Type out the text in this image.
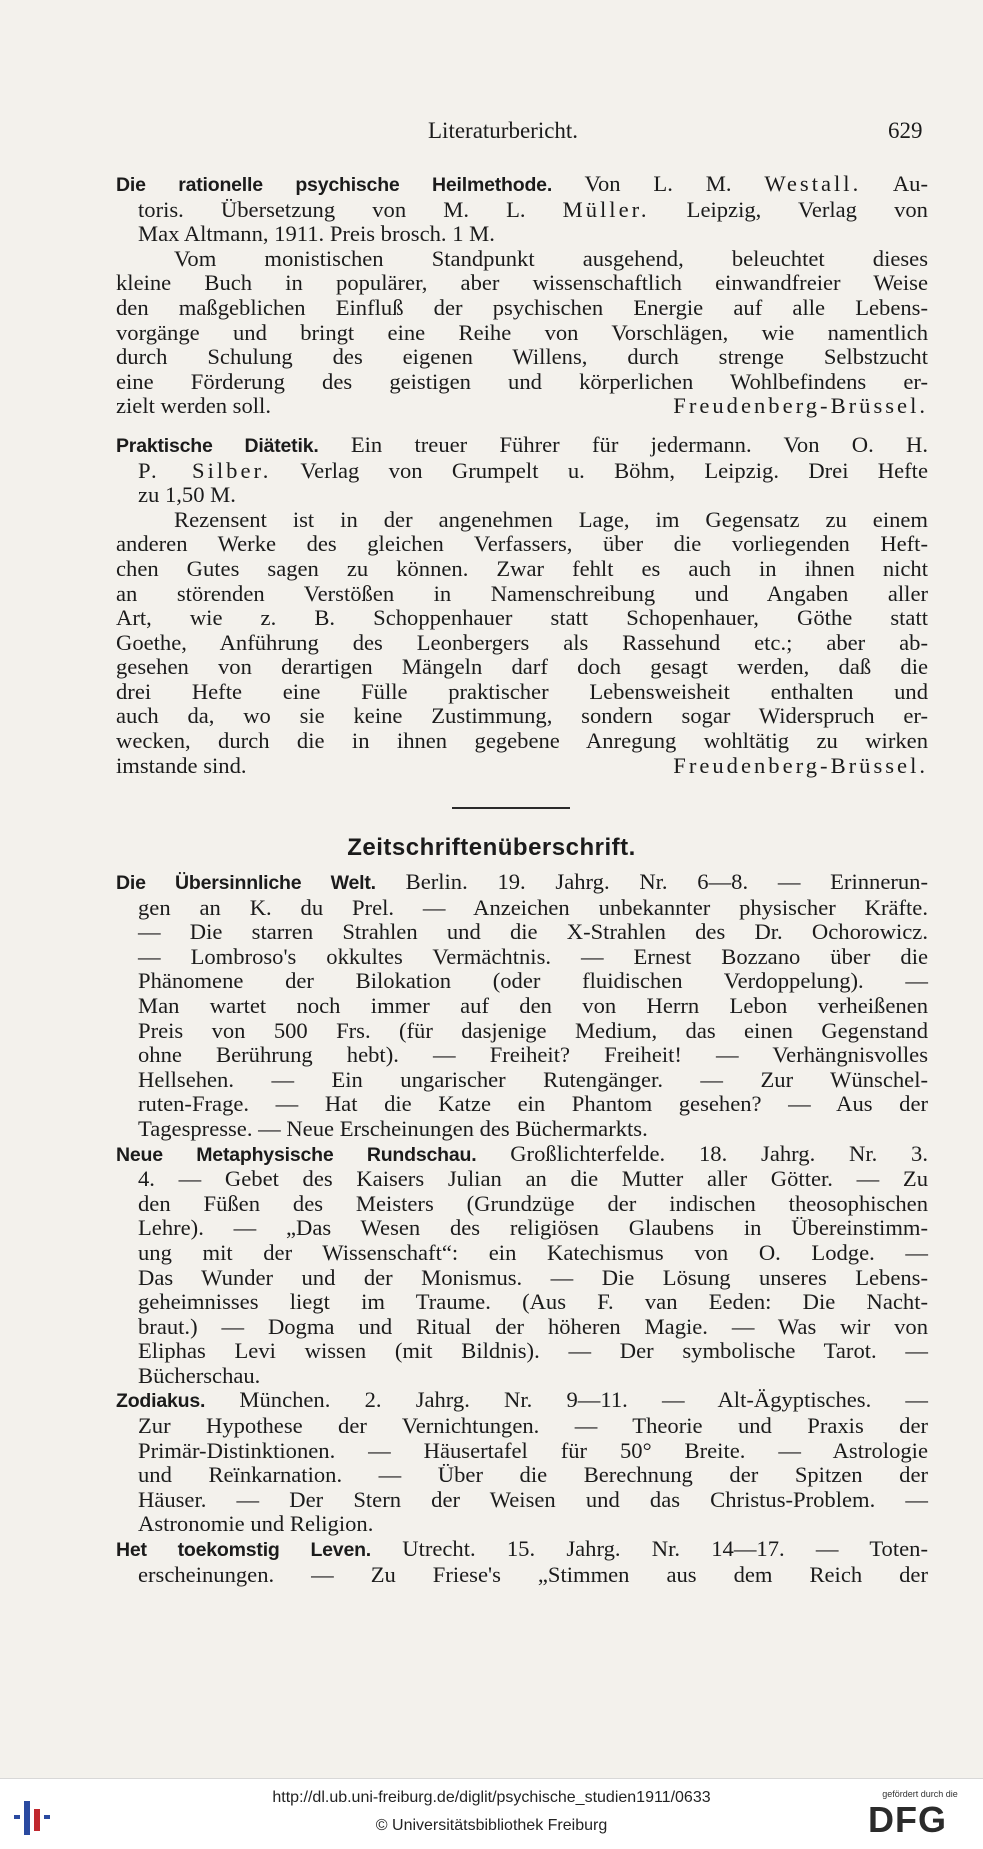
Literaturbericht.	629
Die rationelle psychische Heilmethode. Von L. M. Westall. Au-
toris. Übersetzung von M. L. Müller. Leipzig, Verlag von
Max Altmann, 1911. Preis brosch. 1 M.
Vom monistischen Standpunkt ausgehend, beleuchtet dieses
kleine Buch in populärer, aber wissenschaftlich einwandfreier Weise
den maßgeblichen Einfluß der psychischen Energie auf alle Lebens-
vorgänge und bringt eine Reihe von Vorschlägen, wie namentlich
durch Schulung des eigenen Willens, durch strenge Selbstzucht
eine Förderung des geistigen und körperlichen Wohlbefindens er-
zielt werden soll.	Freudenberg-Brüssel.
Praktische Diätetik. Ein treuer Führer für jedermann. Von O. H.
P. Silber. Verlag von Grumpelt u. Böhm, Leipzig. Drei Hefte
zu 1,50 M.
Rezensent ist in der angenehmen Lage, im Gegensatz zu einem
anderen Werke des gleichen Verfassers, über die vorliegenden Heft-
chen Gutes sagen zu können. Zwar fehlt es auch in ihnen nicht
an störenden Verstößen in Namenschreibung und Angaben aller
Art, wie z. B. Schoppenhauer statt Schopenhauer, Göthe statt
Goethe, Anführung des Leonbergers als Rassehund etc.; aber ab-
gesehen von derartigen Mängeln darf doch gesagt werden, daß die
drei Hefte eine Fülle praktischer Lebensweisheit enthalten und
auch da, wo sie keine Zustimmung, sondern sogar Widerspruch er-
wecken, durch die in ihnen gegebene Anregung wohltätig zu wirken
imstande sind.	Freudenberg-Brüssel.
Zeitschriftenüberschrift.
Die Übersinnliche Welt. Berlin. 19. Jahrg. Nr. 6—8. — Erinnerun-
gen an K. du Prel. — Anzeichen unbekannter physischer Kräfte.
— Die starren Strahlen und die X-Strahlen des Dr. Ochorowicz.
— Lombroso's okkultes Vermächtnis. — Ernest Bozzano über die
Phänomene der Bilokation (oder fluidischen Verdoppelung). —
Man wartet noch immer auf den von Herrn Lebon verheißenen
Preis von 500 Frs. (für dasjenige Medium, das einen Gegenstand
ohne Berührung hebt). — Freiheit? Freiheit! — Verhängnisvolles
Hellsehen. — Ein ungarischer Rutengänger. — Zur Wünschel-
ruten-Frage. — Hat die Katze ein Phantom gesehen? — Aus der
Tagespresse. — Neue Erscheinungen des Büchermarkts.
Neue Metaphysische Rundschau. Großlichterfelde. 18. Jahrg. Nr. 3.
4. — Gebet des Kaisers Julian an die Mutter aller Götter. — Zu
den Füßen des Meisters (Grundzüge der indischen theosophischen
Lehre). — „Das Wesen des religiösen Glaubens in Übereinstimm-
ung mit der Wissenschaft“: ein Katechismus von O. Lodge. —
Das Wunder und der Monismus. — Die Lösung unseres Lebens-
geheimnisses liegt im Traume. (Aus F. van Eeden: Die Nacht-
braut.) — Dogma und Ritual der höheren Magie. — Was wir von
Eliphas Levi wissen (mit Bildnis). — Der symbolische Tarot. —
Bücherschau.
Zodiakus. München. 2. Jahrg. Nr. 9—11. — Alt-Ägyptisches. —
Zur Hypothese der Vernichtungen. — Theorie und Praxis der
Primär-Distinktionen. — Häusertafel für 50° Breite. — Astrologie
und Reïnkarnation. — Über die Berechnung der Spitzen der
Häuser. — Der Stern der Weisen und das Christus-Problem. —
Astronomie und Religion.
Het toekomstig Leven. Utrecht. 15. Jahrg. Nr. 14—17. — Toten-
erscheinungen. — Zu Friese's „Stimmen aus dem Reich der
http://dl.ub.uni-freiburg.de/diglit/psychische_studien1911/0633
© Universitätsbibliothek Freiburg
gefördert durch die
DFG
